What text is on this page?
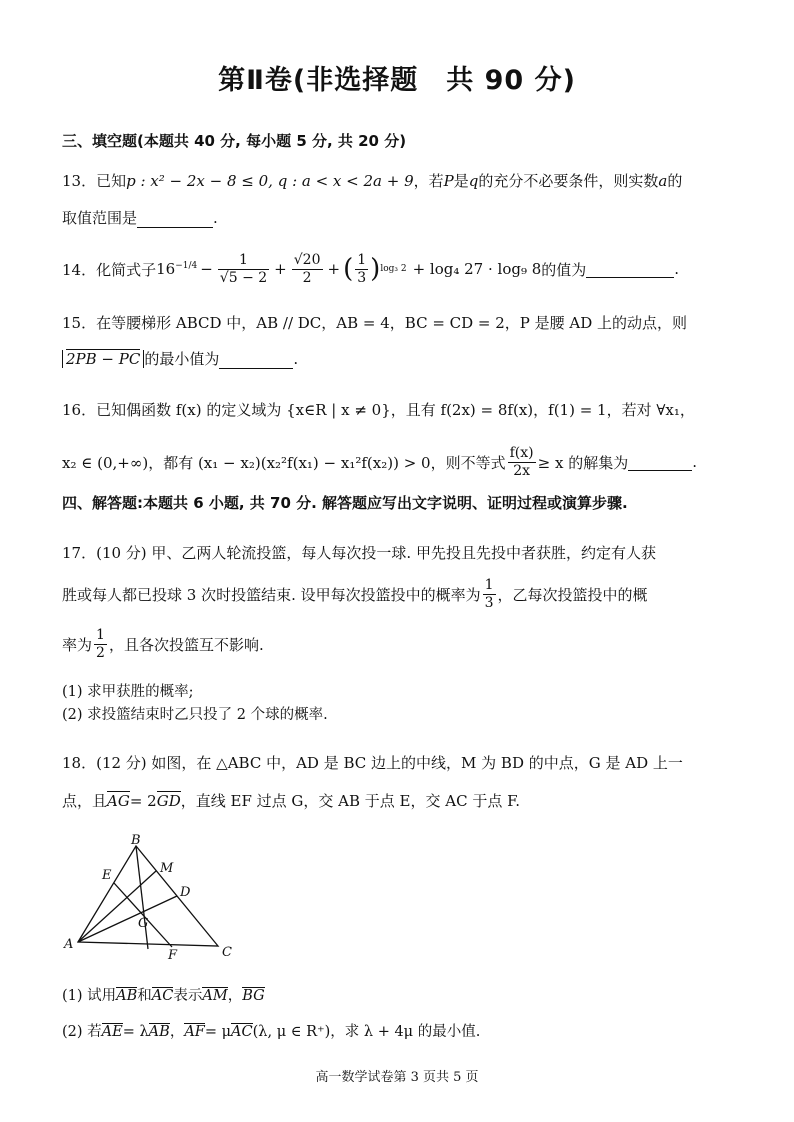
第Ⅱ卷(非选择题　共 90 分)
三、填空题(本题共 40 分, 每小题 5 分, 共 20 分)
13．已知p : x² − 2x − 8 ≤ 0, q : a < x < 2a + 9，若P是q的充分不必要条件，则实数a的
取值范围是	.
14．化简式子 $16^{-1/4} - \frac{1}{√5 - 2} + \frac{√20}{2}$ + ( $\frac{1}{3}$ ) log₃ 2 + log₄ 27 · log₉ 8 的值为	.
15．在等腰梯形 ABCD 中，AB // DC，AB = 4，BC = CD = 2，P 是腰 AD 上的动点，则
2PB − PC 的最小值为	.
16．已知偶函数 f(x) 的定义域为 {x∈R | x ≠ 0}，且有 f(2x) = 8f(x)，f(1) = 1，若对 ∀x₁，
x₂ ∈ (0,+∞)，都有 (x₁ − x₂)(x₂²f(x₁) − x₁²f(x₂)) > 0，则不等式 $\frac{f(x)}{2x} \ge x$ 的解集为	.
四、解答题:本题共 6 小题, 共 70 分. 解答题应写出文字说明、证明过程或演算步骤.
17．(10 分) 甲、乙两人轮流投篮，每人每次投一球. 甲先投且先投中者获胜，约定有人获
胜或每人都已投球 3 次时投篮结束. 设甲每次投篮投中的概率为 $\frac{1}{3}$ ，乙每次投篮投中的概
率为 $\frac{1}{2}$ ，且各次投篮互不影响.
(1) 求甲获胜的概率;
(2) 求投篮结束时乙只投了 2 个球的概率.
18．(12 分) 如图，在 △ABC 中，AD 是 BC 边上的中线，M 为 BD 的中点，G 是 AD 上一
点，且AG= 2GD，直线 EF 过点 G，交 AB 于点 E，交 AC 于点 F.
B
M
E
D
G
A
F	C
(1) 试用AB和AC表示AM，BG
(2) 若AE= λAB，AF= μAC(λ, μ ∈ R⁺)，求 λ + 4μ 的最小值.
高一数学试卷第 3 页共 5 页
